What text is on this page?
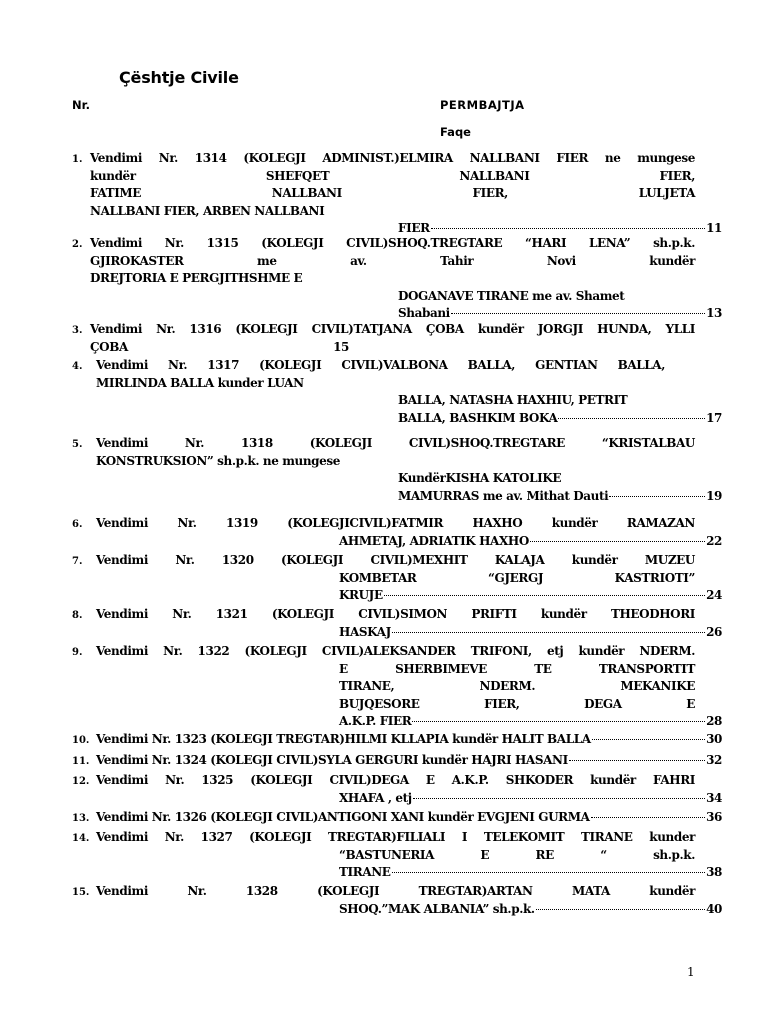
Çështje Civile
Nr.	PERMBAJTJA
Faqe
1. Vendimi Nr. 1314 (KOLEGJI ADMINIST.)ELMIRA NALLBANI FIER ne mungese
kundër SHEFQET NALLBANI FIER,
FATIME NALLBANI FIER, LULJETA
NALLBANI FIER, ARBEN NALLBANI
FIER	11
2. Vendimi Nr. 1315 (KOLEGJI CIVIL)SHOQ.TREGTARE “HARI LENA” sh.p.k.
GJIROKASTER me av. Tahir Novi kundër
DREJTORIA E PERGJITHSHME E
DOGANAVE TIRANE me av. Shamet
Shabani	13
3. Vendimi Nr. 1316 (KOLEGJI CIVIL)TATJANA ÇOBA kundër JORGJI HUNDA, YLLI
ÇOBA 15
4. Vendimi Nr. 1317 (KOLEGJI CIVIL)VALBONA BALLA, GENTIAN BALLA,
MIRLINDA BALLA kunder LUAN
BALLA, NATASHA HAXHIU, PETRIT
BALLA, BASHKIM BOKA	17
5. Vendimi Nr. 1318 (KOLEGJI CIVIL)SHOQ.TREGTARE “KRISTALBAU
KONSTRUKSION” sh.p.k. ne mungese
KundërKISHA KATOLIKE
MAMURRAS me av. Mithat Dauti	19
6. Vendimi Nr. 1319 (KOLEGJICIVIL)FATMIR HAXHO kundër RAMAZAN
AHMETAJ, ADRIATIK HAXHO	22
7. Vendimi Nr. 1320 (KOLEGJI CIVIL)MEXHIT KALAJA kundër MUZEU
KOMBETAR “GJERGJ KASTRIOTI”
KRUJE	24
8. Vendimi Nr. 1321 (KOLEGJI CIVIL)SIMON PRIFTI kundër THEODHORI
HASKAJ	26
9. Vendimi Nr. 1322 (KOLEGJI CIVIL)ALEKSANDER TRIFONI, etj kundër NDERM.
E SHERBIMEVE TE TRANSPORTIT
TIRANE, NDERM. MEKANIKE
BUJQESORE FIER, DEGA E
A.K.P. FIER	28
10. Vendimi Nr. 1323 (KOLEGJI TREGTAR)HILMI KLLAPIA kundër HALIT BALLA	30
11. Vendimi Nr. 1324 (KOLEGJI CIVIL)SYLA GERGURI kundër HAJRI HASANI	32
12. Vendimi Nr. 1325 (KOLEGJI CIVIL)DEGA E A.K.P. SHKODER kundër FAHRI
XHAFA , etj	34
13. Vendimi Nr. 1326 (KOLEGJI CIVIL)ANTIGONI XANI kundër EVGJENI GURMA	36
14. Vendimi Nr. 1327 (KOLEGJI TREGTAR)FILIALI I TELEKOMIT TIRANE kunder
“BASTUNERIA E RE “ sh.p.k.
TIRANE	38
15. Vendimi Nr. 1328 (KOLEGJI TREGTAR)ARTAN MATA kundër
SHOQ.”MAK ALBANIA” sh.p.k.	40
1
